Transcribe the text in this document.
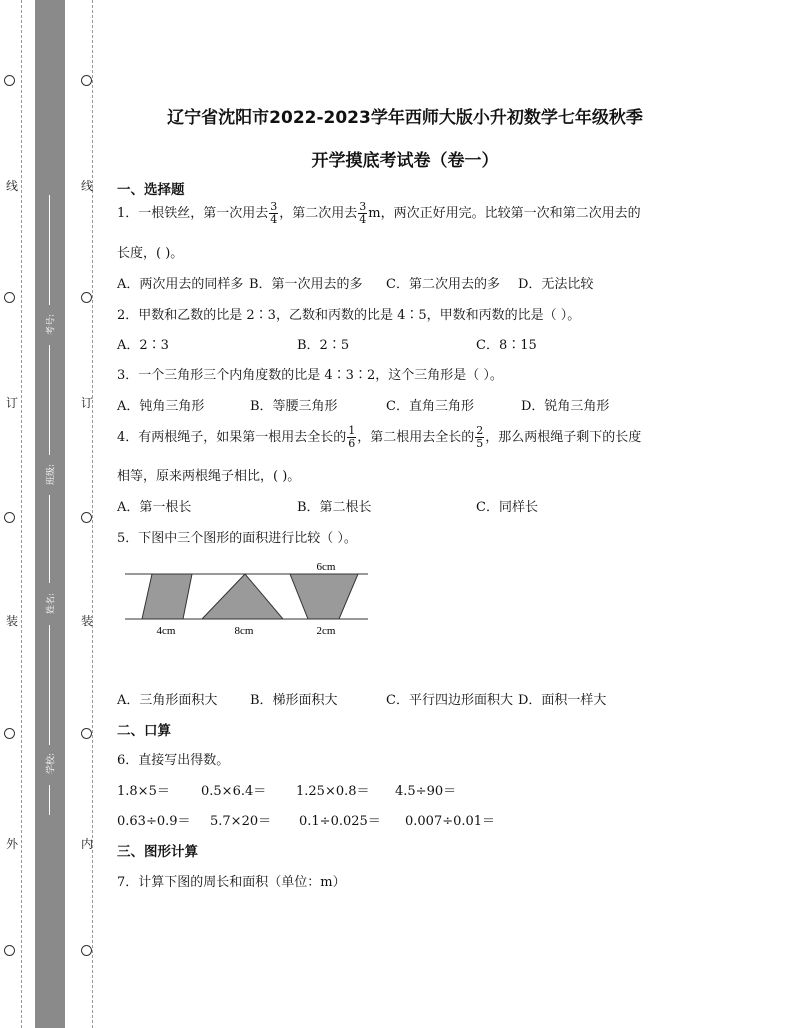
线
订
装
外
线
订
装
内
考号:
班级:
姓名:
学校:
辽宁省沈阳市2022-2023学年西师大版小升初数学七年级秋季
开学摸底考试卷（卷一）
一、选择题
1．一根铁丝，第一次用去 $\frac{3}{4}$ ，第二次用去 $\frac{3}{4}$ m，两次正好用完。比较第一次和第二次用去的
长度，( )。
A．两次用去的同样多 B．第一次用去的多 C．第二次用去的多 D．无法比较
2．甲数和乙数的比是 2∶3，乙数和丙数的比是 4∶5，甲数和丙数的比是（ ）。
A．2∶3	B．2∶5	C．8∶15
3．一个三角形三个内角度数的比是 4∶3∶2，这个三角形是（ ）。
A．钝角三角形	B．等腰三角形	C．直角三角形	D．锐角三角形
4．有两根绳子，如果第一根用去全长的 $\frac{1}{6}$ ，第二根用去全长的 $\frac{2}{5}$ ，那么两根绳子剩下的长度
相等，原来两根绳子相比，( )。
A．第一根长	B．第二根长	C．同样长
5．下图中三个图形的面积进行比较（ ）。
6cm
4cm	8cm	2cm
A．三角形面积大	B．梯形面积大	C．平行四边形面积大 D．面积一样大
二、口算
6．直接写出得数。
1.8×5＝ 0.5×6.4＝ 1.25×0.8＝ 4.5÷90＝
0.63÷0.9＝ 5.7×20＝ 0.1÷0.025＝ 0.007÷0.01＝
三、图形计算
7．计算下图的周长和面积（单位：m）
